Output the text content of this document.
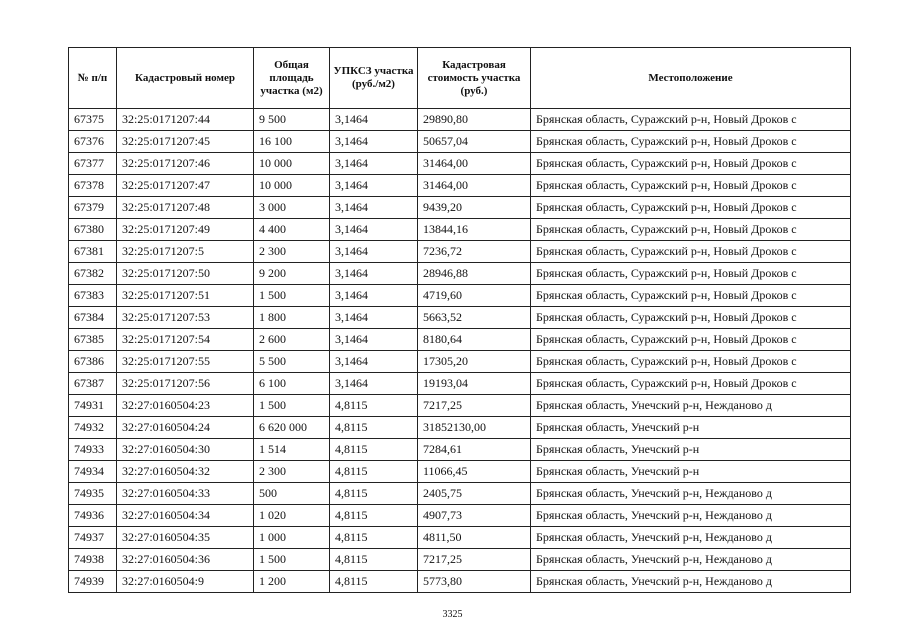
№ п/п	Кадастровый номер	Общая площадь участка (м2)	УПКСЗ участка (руб./м2)	Кадастровая стоимость участка (руб.)	Местоположение
67375	32:25:0171207:44	9 500	3,1464	29890,80	Брянская область, Суражский р-н, Новый Дроков с
67376	32:25:0171207:45	16 100	3,1464	50657,04	Брянская область, Суражский р-н, Новый Дроков с
67377	32:25:0171207:46	10 000	3,1464	31464,00	Брянская область, Суражский р-н, Новый Дроков с
67378	32:25:0171207:47	10 000	3,1464	31464,00	Брянская область, Суражский р-н, Новый Дроков с
67379	32:25:0171207:48	3 000	3,1464	9439,20	Брянская область, Суражский р-н, Новый Дроков с
67380	32:25:0171207:49	4 400	3,1464	13844,16	Брянская область, Суражский р-н, Новый Дроков с
67381	32:25:0171207:5	2 300	3,1464	7236,72	Брянская область, Суражский р-н, Новый Дроков с
67382	32:25:0171207:50	9 200	3,1464	28946,88	Брянская область, Суражский р-н, Новый Дроков с
67383	32:25:0171207:51	1 500	3,1464	4719,60	Брянская область, Суражский р-н, Новый Дроков с
67384	32:25:0171207:53	1 800	3,1464	5663,52	Брянская область, Суражский р-н, Новый Дроков с
67385	32:25:0171207:54	2 600	3,1464	8180,64	Брянская область, Суражский р-н, Новый Дроков с
67386	32:25:0171207:55	5 500	3,1464	17305,20	Брянская область, Суражский р-н, Новый Дроков с
67387	32:25:0171207:56	6 100	3,1464	19193,04	Брянская область, Суражский р-н, Новый Дроков с
74931	32:27:0160504:23	1 500	4,8115	7217,25	Брянская область, Унечский р-н, Нежданово д
74932	32:27:0160504:24	6 620 000	4,8115	31852130,00	Брянская область, Унечский р-н
74933	32:27:0160504:30	1 514	4,8115	7284,61	Брянская область, Унечский р-н
74934	32:27:0160504:32	2 300	4,8115	11066,45	Брянская область, Унечский р-н
74935	32:27:0160504:33	500	4,8115	2405,75	Брянская область, Унечский р-н, Нежданово д
74936	32:27:0160504:34	1 020	4,8115	4907,73	Брянская область, Унечский р-н, Нежданово д
74937	32:27:0160504:35	1 000	4,8115	4811,50	Брянская область, Унечский р-н, Нежданово д
74938	32:27:0160504:36	1 500	4,8115	7217,25	Брянская область, Унечский р-н, Нежданово д
74939	32:27:0160504:9	1 200	4,8115	5773,80	Брянская область, Унечский р-н, Нежданово д
3325
